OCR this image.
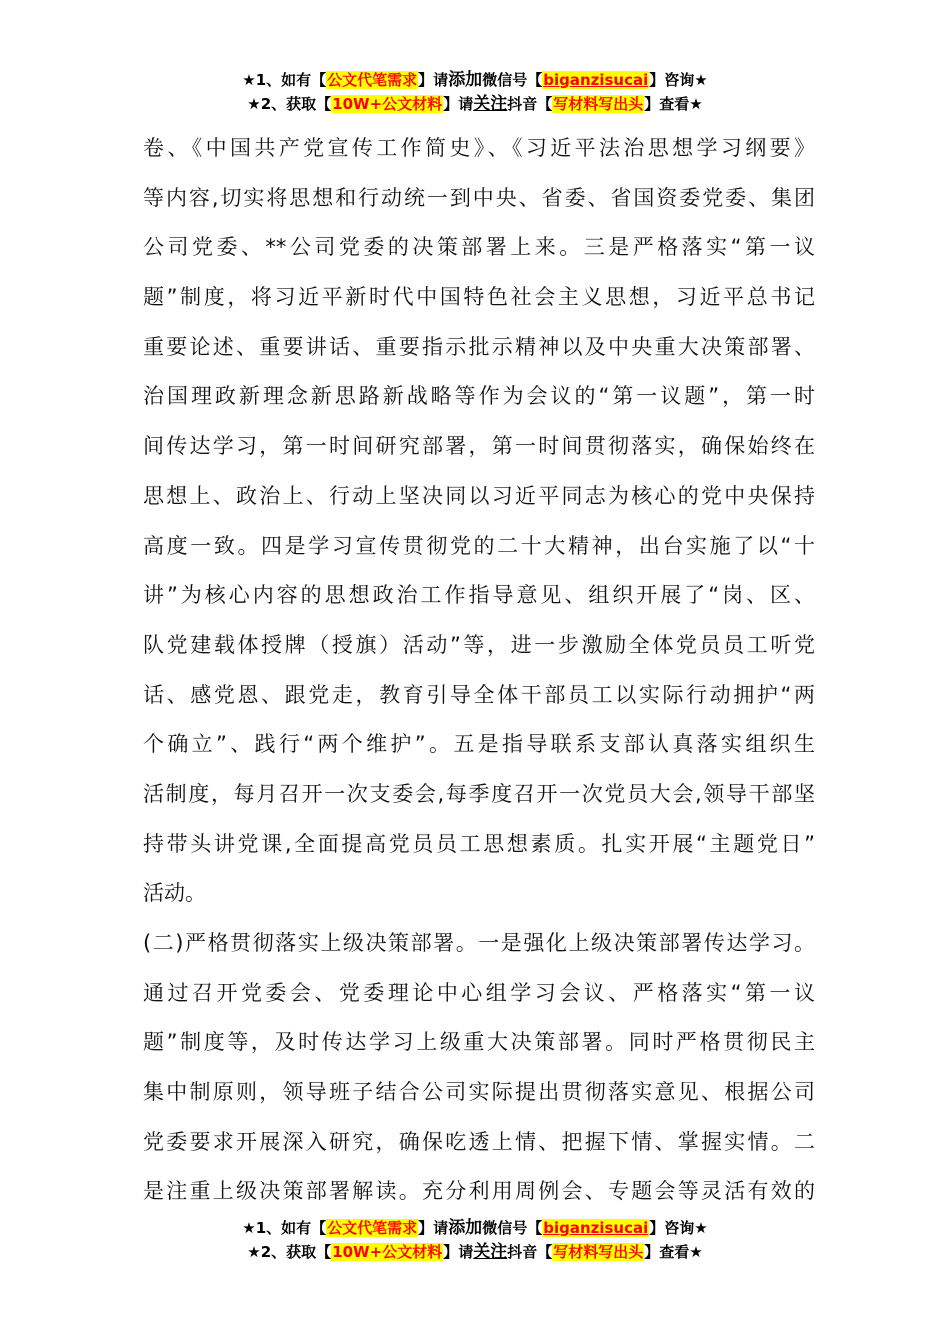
★1、如有【公文代笔需求】请添加微信号【biganzisucai】咨询★
★2、获取【10W+公文材料】请关注抖音【写材料写出头】查看★
卷、《中国共产党宣传工作简史》、《习近平法治思想学习纲要》
等内容,切实将思想和行动统一到中央、省委、省国资委党委、集团
公司党委、**公司党委的决策部署上来。三是严格落实“第一议
题”制度，将习近平新时代中国特色社会主义思想，习近平总书记
重要论述、重要讲话、重要指示批示精神以及中央重大决策部署、
治国理政新理念新思路新战略等作为会议的“第一议题”，第一时
间传达学习，第一时间研究部署，第一时间贯彻落实，确保始终在
思想上、政治上、行动上坚决同以习近平同志为核心的党中央保持
高度一致。四是学习宣传贯彻党的二十大精神，出台实施了以“十
讲”为核心内容的思想政治工作指导意见、组织开展了“岗、区、
队党建载体授牌（授旗）活动”等，进一步激励全体党员员工听党
话、感党恩、跟党走，教育引导全体干部员工以实际行动拥护“两
个确立”、践行“两个维护”。五是指导联系支部认真落实组织生
活制度，每月召开一次支委会,每季度召开一次党员大会,领导干部坚
持带头讲党课,全面提高党员员工思想素质。扎实开展“主题党日”
活动。
(二)严格贯彻落实上级决策部署。一是强化上级决策部署传达学习。
通过召开党委会、党委理论中心组学习会议、严格落实“第一议
题”制度等，及时传达学习上级重大决策部署。同时严格贯彻民主
集中制原则，领导班子结合公司实际提出贯彻落实意见、根据公司
党委要求开展深入研究，确保吃透上情、把握下情、掌握实情。二
是注重上级决策部署解读。充分利用周例会、专题会等灵活有效的
★1、如有【公文代笔需求】请添加微信号【biganzisucai】咨询★
★2、获取【10W+公文材料】请关注抖音【写材料写出头】查看★
